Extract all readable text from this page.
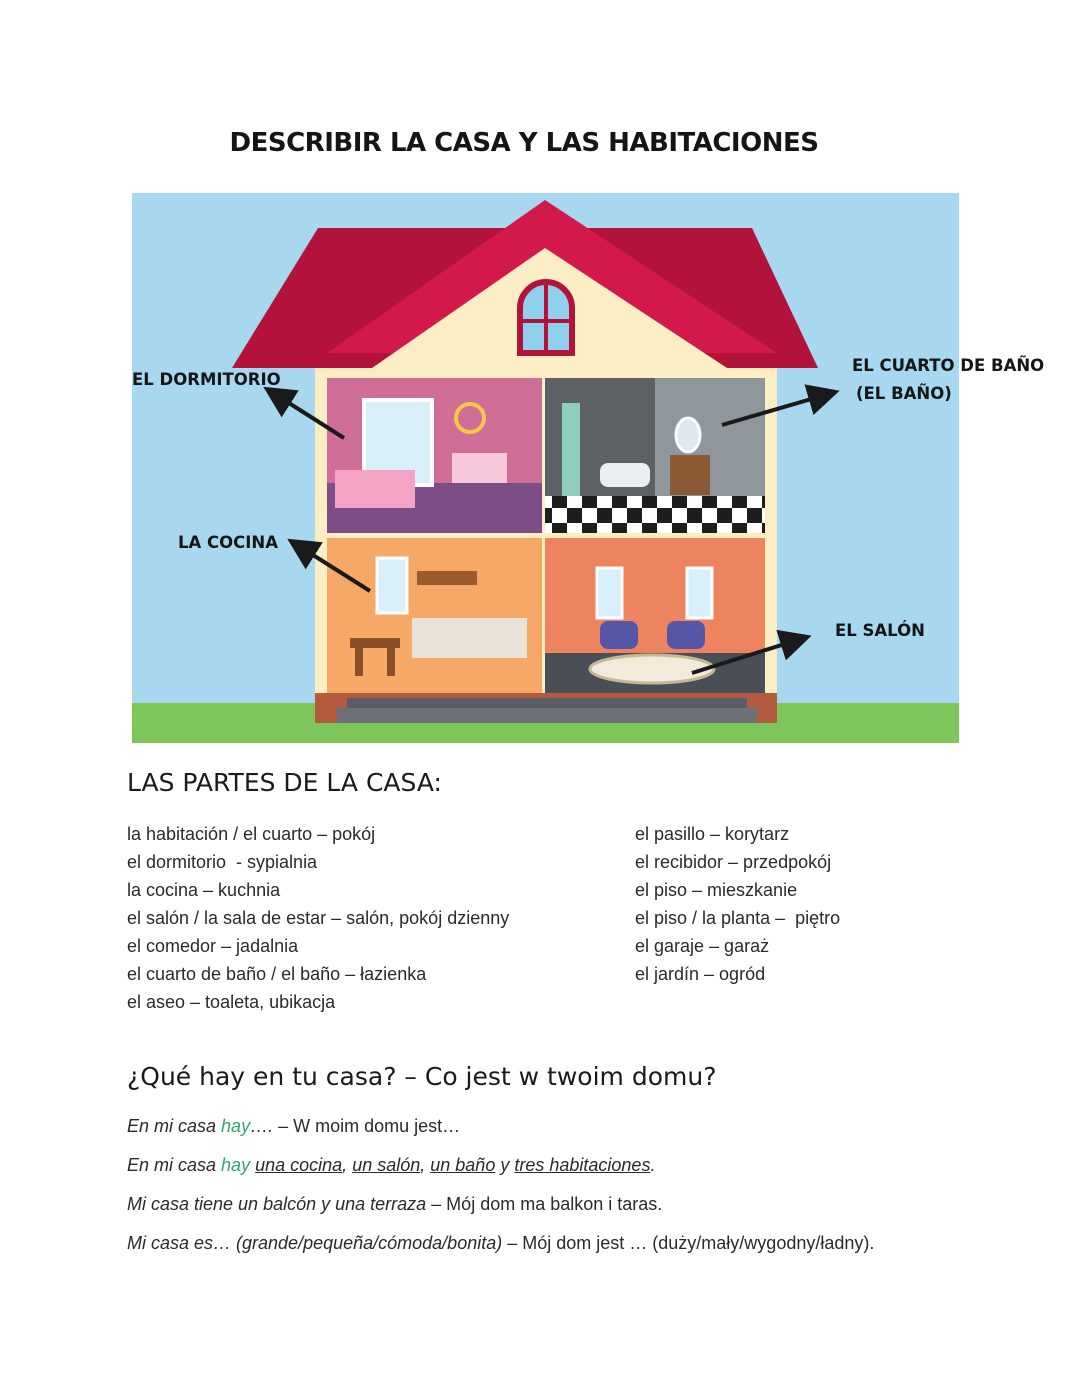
DESCRIBIR LA CASA Y LAS HABITACIONES
EL DORMITORIO
EL CUARTO DE BAÑO
(EL BAÑO)
LA COCINA
EL SALÓN
LAS PARTES DE LA CASA:
la habitación / el cuarto – pokój
el dormitorio  - sypialnia
la cocina – kuchnia
el salón / la sala de estar – salón, pokój dzienny
el comedor – jadalnia
el cuarto de baño / el baño – łazienka
el aseo – toaleta, ubikacja
el pasillo – korytarz
el recibidor – przedpokój
el piso – mieszkanie
el piso / la planta –  piętro
el garaje – garaż
el jardín – ogród
¿Qué hay en tu casa? – Co jest w twoim domu?
En mi casa hay…. – W moim domu jest…
En mi casa hay una cocina, un salón, un baño y tres habitaciones.
Mi casa tiene un balcón y una terraza – Mój dom ma balkon i taras.
Mi casa es… (grande/pequeña/cómoda/bonita) – Mój dom jest … (duży/mały/wygodny/ładny).
